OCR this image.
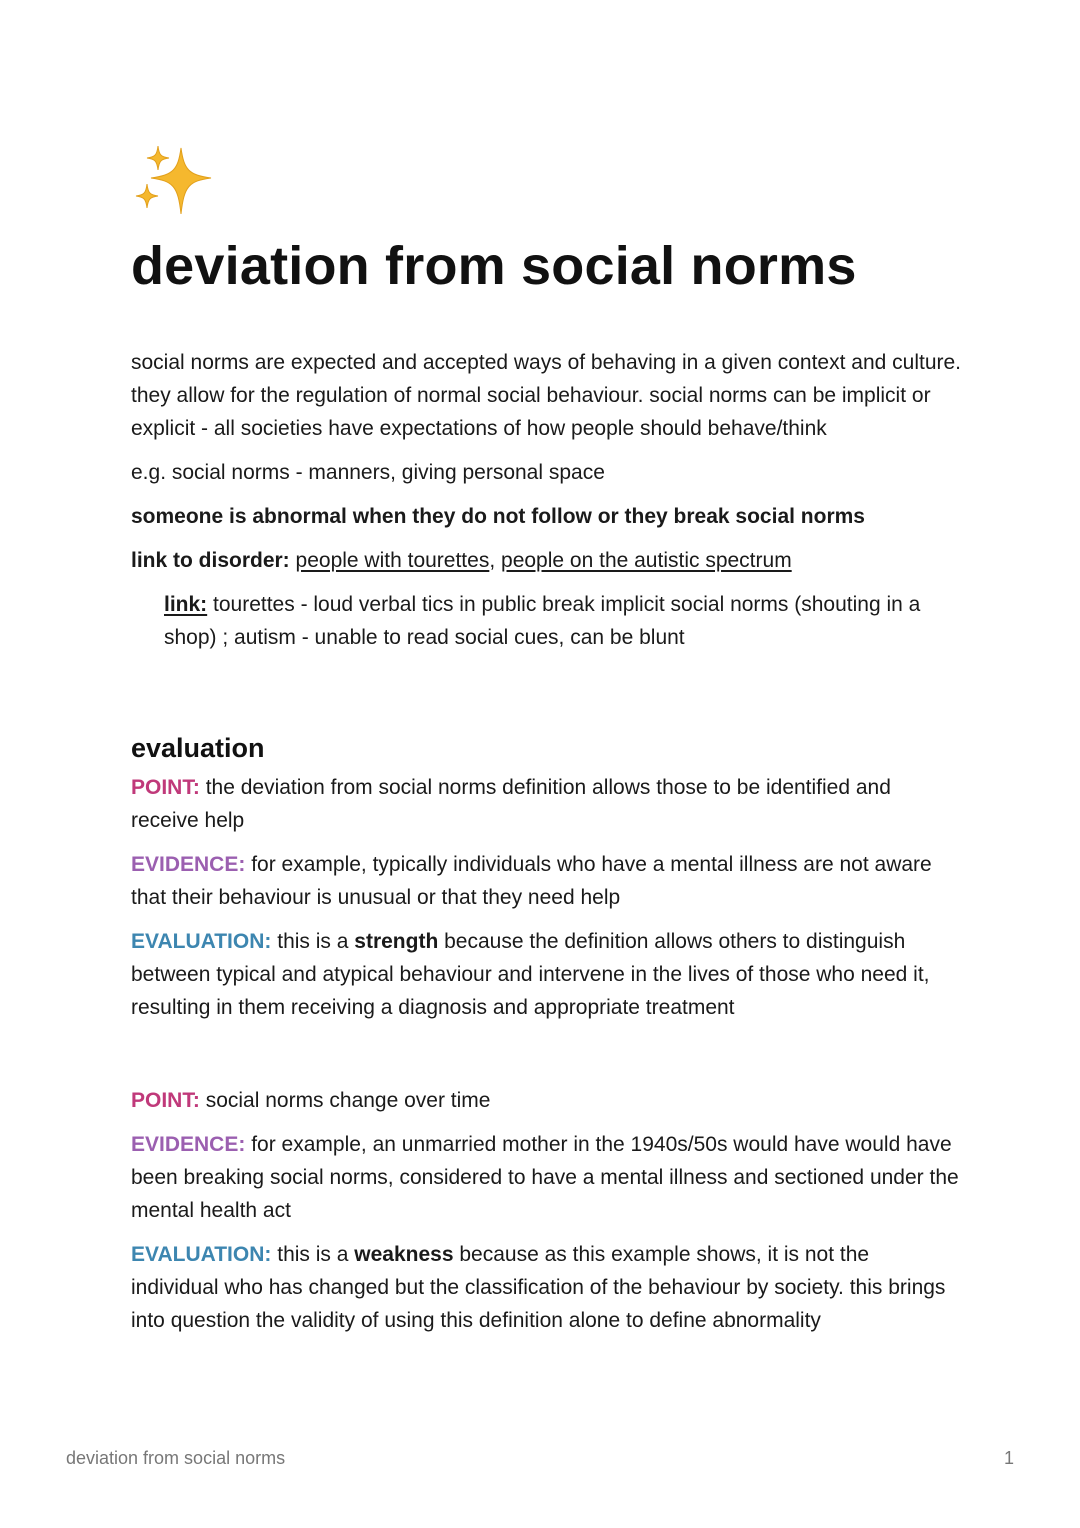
deviation from social norms

social norms are expected and accepted ways of behaving in a given context and culture. they allow for the regulation of normal social behaviour. social norms can be implicit or explicit - all societies have expectations of how people should behave/think

e.g. social norms - manners, giving personal space

someone is abnormal when they do not follow or they break social norms

link to disorder: people with tourettes, people on the autistic spectrum

link: tourettes - loud verbal tics in public break implicit social norms (shouting in a shop) ; autism - unable to read social cues, can be blunt

evaluation

POINT: the deviation from social norms definition allows those to be identified and receive help

EVIDENCE: for example, typically individuals who have a mental illness are not aware that their behaviour is unusual or that they need help

EVALUATION: this is a strength because the definition allows others to distinguish between typical and atypical behaviour and intervene in the lives of those who need it, resulting in them receiving a diagnosis and appropriate treatment

POINT: social norms change over time

EVIDENCE: for example, an unmarried mother in the 1940s/50s would have would have been breaking social norms, considered to have a mental illness and sectioned under the mental health act

EVALUATION: this is a weakness because as this example shows, it is not the individual who has changed but the classification of the behaviour by society. this brings into question the validity of using this definition alone to define abnormality

deviation from social norms	1
